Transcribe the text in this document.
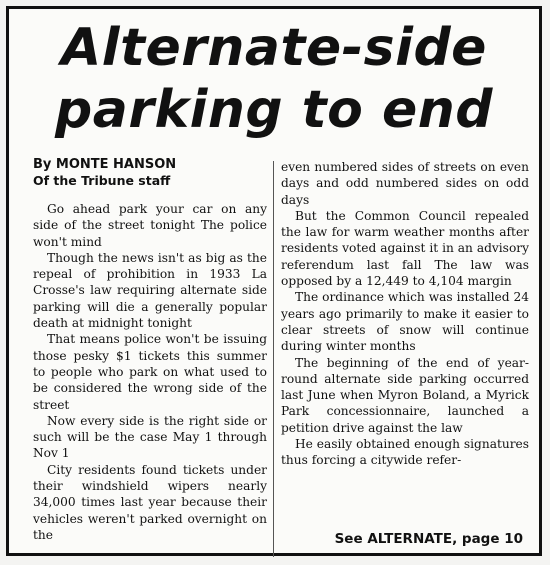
Alternate-side
parking to end
By MONTE HANSON
Of the Tribune staff

Go ahead park your car on any side of the street tonight The police won't mind

Though the news isn't as big as the repeal of prohibition in 1933 La Crosse's law requiring alternate side parking will die a generally popular death at midnight tonight

That means police won't be issuing those pesky $1 tickets this summer to people who park on what used to be considered the wrong side of the street

Now every side is the right side or such will be the case May 1 through Nov 1

City residents found tickets under their windshield wipers nearly 34,000 times last year because their vehicles weren't parked overnight on the

even numbered sides of streets on even days and odd numbered sides on odd days

But the Common Council repealed the law for warm weather months after residents voted against it in an advisory referendum last fall The law was opposed by a 12,449 to 4,104 margin

The ordinance which was installed 24 years ago primarily to make it easier to clear streets of snow will continue during winter months

The beginning of the end of year-round alternate side parking occurred last June when Myron Boland, a Myrick Park concessionnaire, launched a petition drive against the law

He easily obtained enough signatures thus forcing a citywide refer-

See ALTERNATE, page 10
